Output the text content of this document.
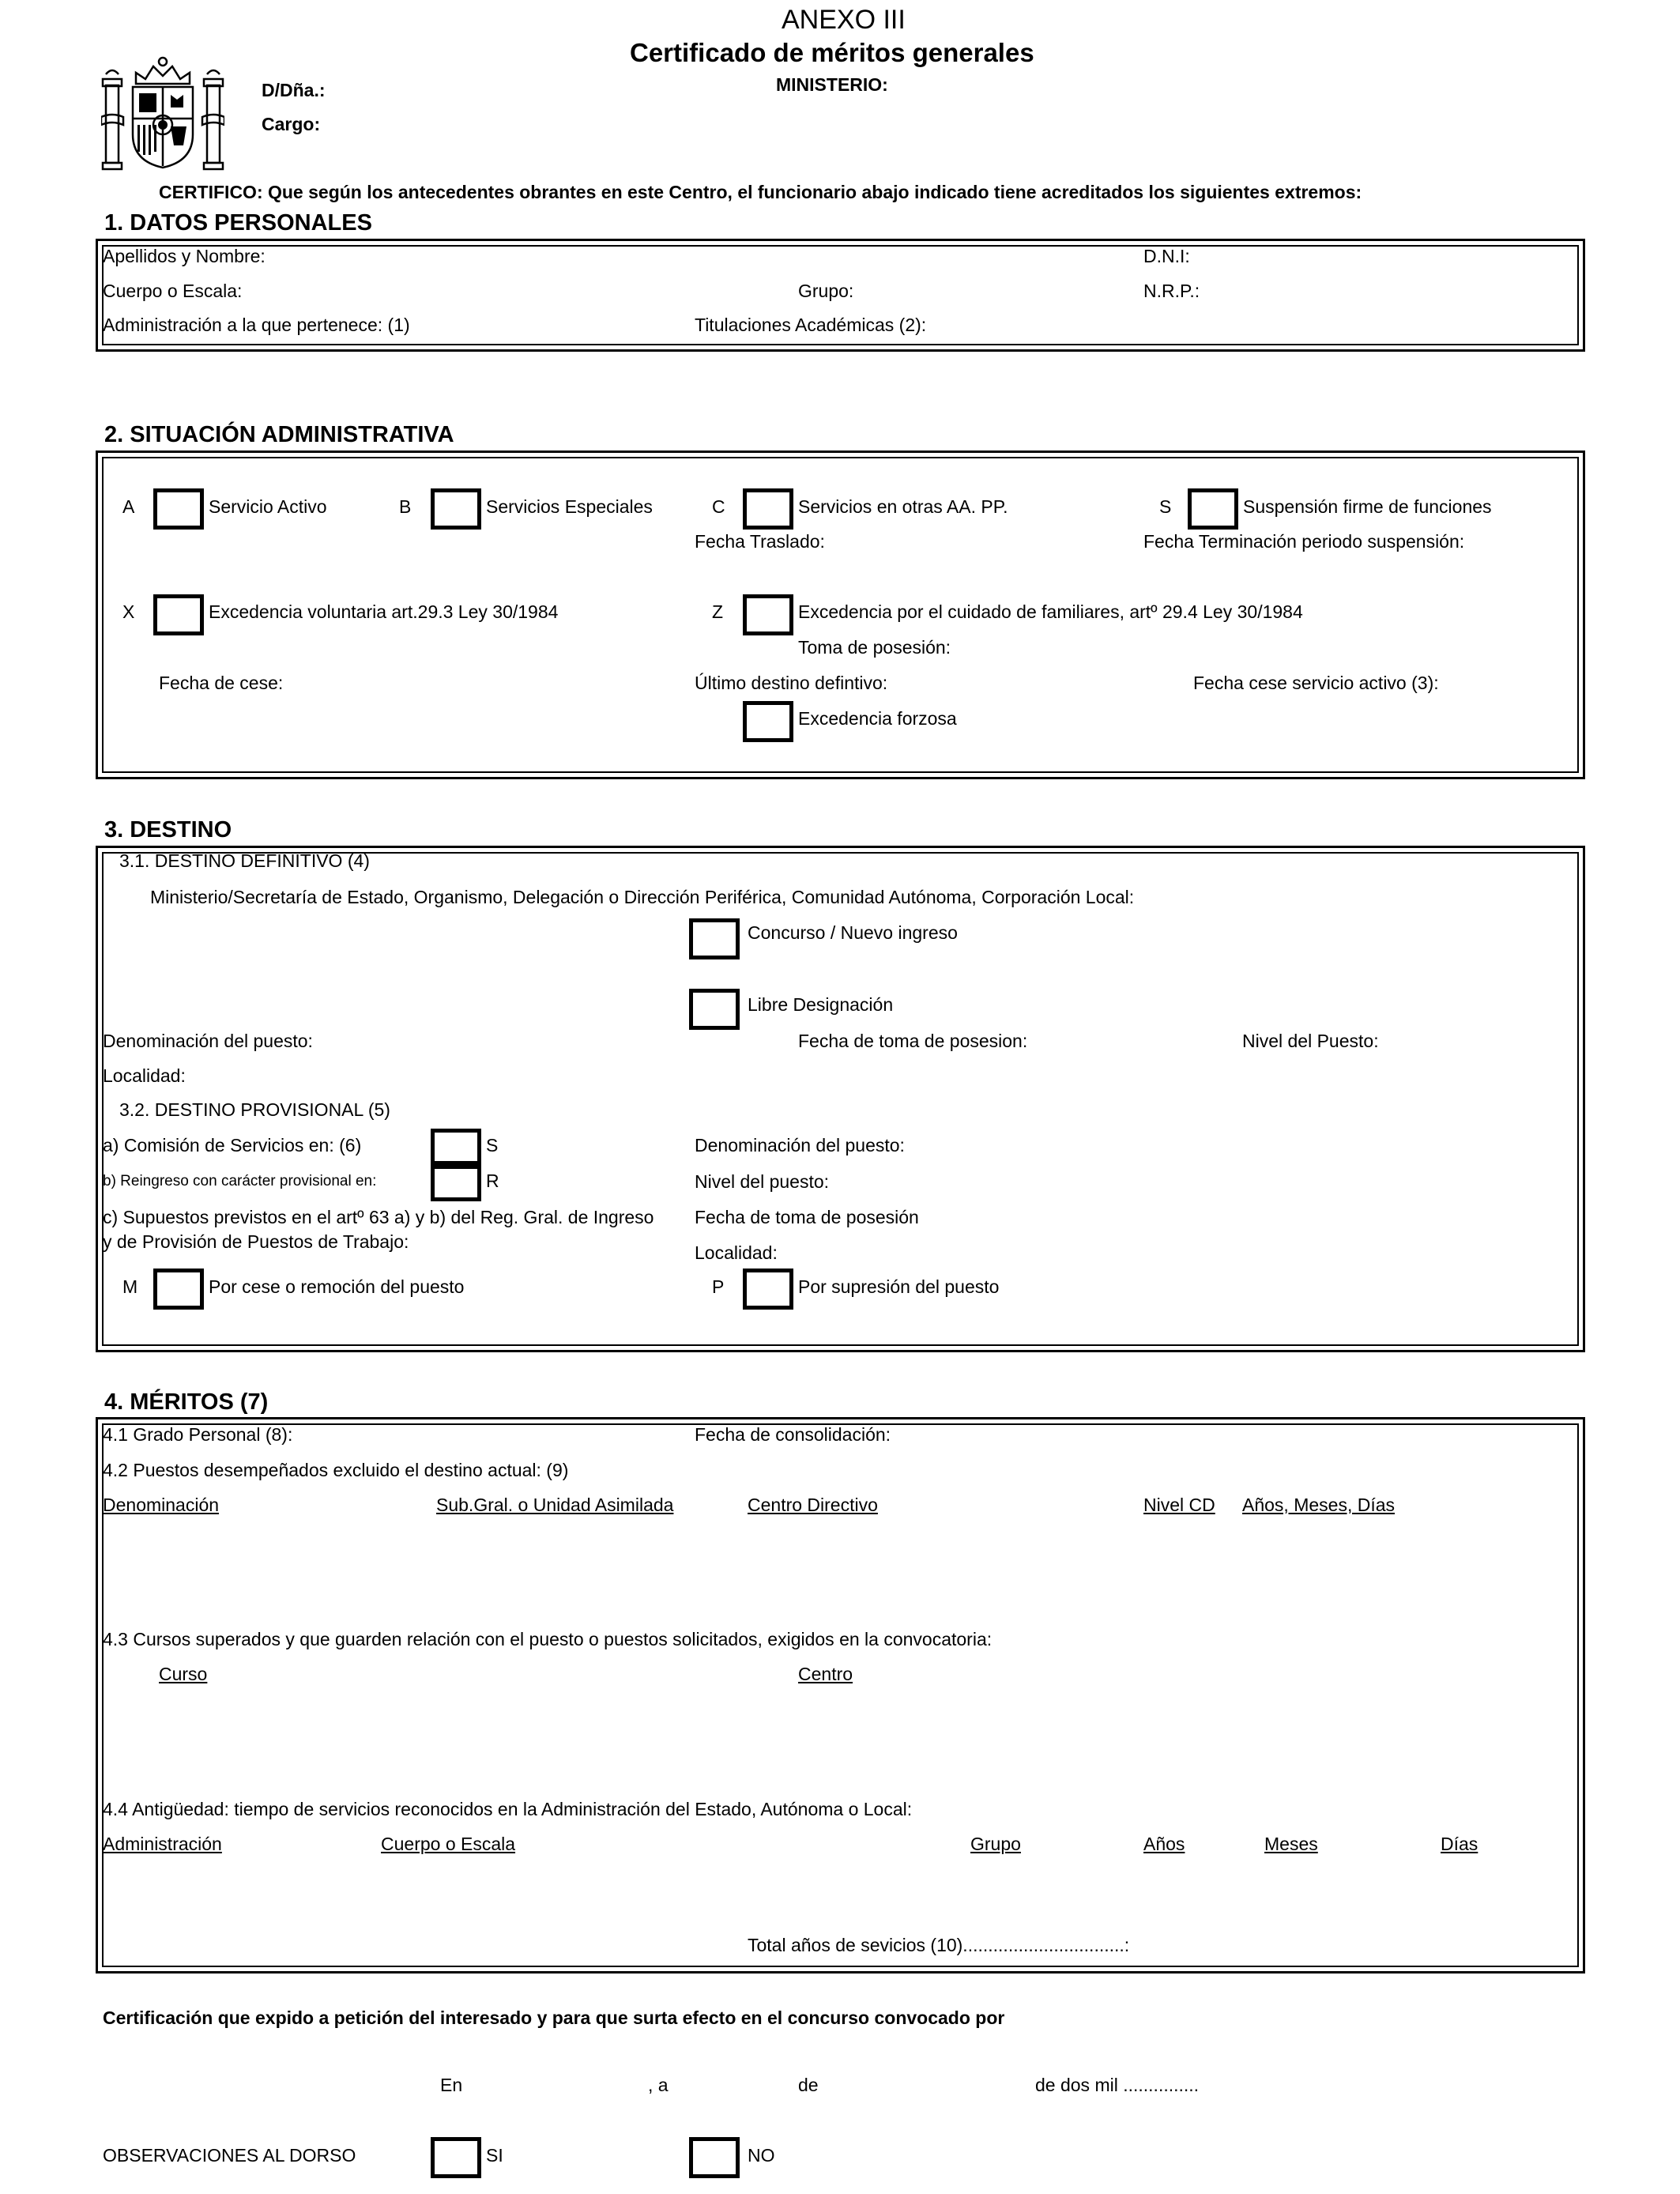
ANEXO III
Certificado de méritos generales
MINISTERIO:
D/Dña.:
Cargo:
CERTIFICO: Que según los antecedentes obrantes en este Centro, el funcionario abajo indicado tiene acreditados los siguientes extremos:
1. DATOS PERSONALES
Apellidos y Nombre:	D.N.I:
Cuerpo o Escala:	Grupo:	N.R.P.:
Administración a la que pertenece: (1)	Titulaciones Académicas (2):
2. SITUACIÓN ADMINISTRATIVA
A	Servicio Activo	B	Servicios Especiales	C	Servicios en otras AA. PP.	S	Suspensión firme de funciones
Fecha Traslado:	Fecha Terminación periodo suspensión:
X	Excedencia voluntaria art.29.3 Ley 30/1984	Z	Excedencia por el cuidado de familiares, artº 29.4 Ley 30/1984
Toma de posesión:
Fecha de cese:	Último destino defintivo:	Fecha cese servicio activo (3):
Excedencia forzosa
3. DESTINO
3.1. DESTINO DEFINITIVO (4)
Ministerio/Secretaría de Estado, Organismo, Delegación o Dirección Periférica, Comunidad Autónoma, Corporación Local:
Concurso / Nuevo ingreso
Libre Designación
Denominación del puesto:	Fecha de toma de posesion:	Nivel del Puesto:
Localidad:
3.2. DESTINO PROVISIONAL (5)
a) Comisión de Servicios en: (6)	S	Denominación del puesto:
b) Reingreso con carácter provisional en:	R	Nivel del puesto:
c) Supuestos previstos en el artº 63 a) y b) del Reg. Gral. de Ingreso
y de Provisión de Puestos de Trabajo:
Fecha de toma de posesión
Localidad:
M	Por cese o remoción del puesto	P	Por supresión del puesto
4. MÉRITOS (7)
4.1 Grado Personal (8):	Fecha de consolidación:
4.2 Puestos desempeñados excluido el destino actual: (9)
Denominación	Sub.Gral. o Unidad Asimilada	Centro Directivo	Nivel CD Años, Meses, Días
4.3 Cursos superados y que guarden relación con el puesto o puestos solicitados, exigidos en la convocatoria:
Curso	Centro
4.4 Antigüedad: tiempo de servicios reconocidos en la Administración del Estado, Autónoma o Local:
Administración	Cuerpo o Escala	Grupo	Años	Meses	Días
Total años de sevicios (10)................................:
Certificación que expido a petición del interesado y para que surta efecto en el concurso convocado por
En	, a	de	de dos mil ...............
OBSERVACIONES AL DORSO	SI	NO
